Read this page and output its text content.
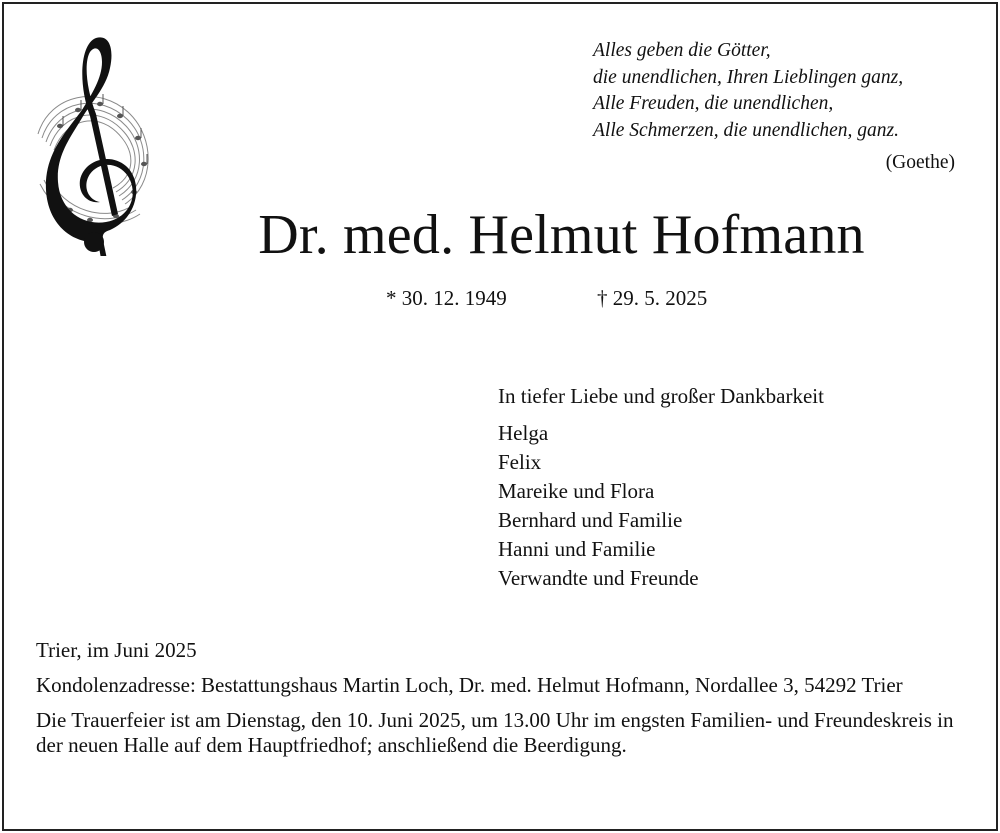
Alles geben die Götter,
die unendlichen, Ihren Lieblingen ganz,
Alle Freuden, die unendlichen,
Alle Schmerzen, die unendlichen, ganz.
(Goethe)
Dr. med. Helmut Hofmann
* 30. 12. 1949	† 29. 5. 2025
In tiefer Liebe und großer Dankbarkeit
Helga
Felix
Mareike und Flora
Bernhard und Familie
Hanni und Familie
Verwandte und Freunde
Trier, im Juni 2025

Kondolenzadresse: Bestattungshaus Martin Loch, Dr. med. Helmut Hofmann, Nordallee 3, 54292 Trier

Die Trauerfeier ist am Dienstag, den 10. Juni 2025, um 13.00 Uhr im engsten Familien- und Freundeskreis in der neuen Halle auf dem Hauptfriedhof; anschließend die Beerdigung.
